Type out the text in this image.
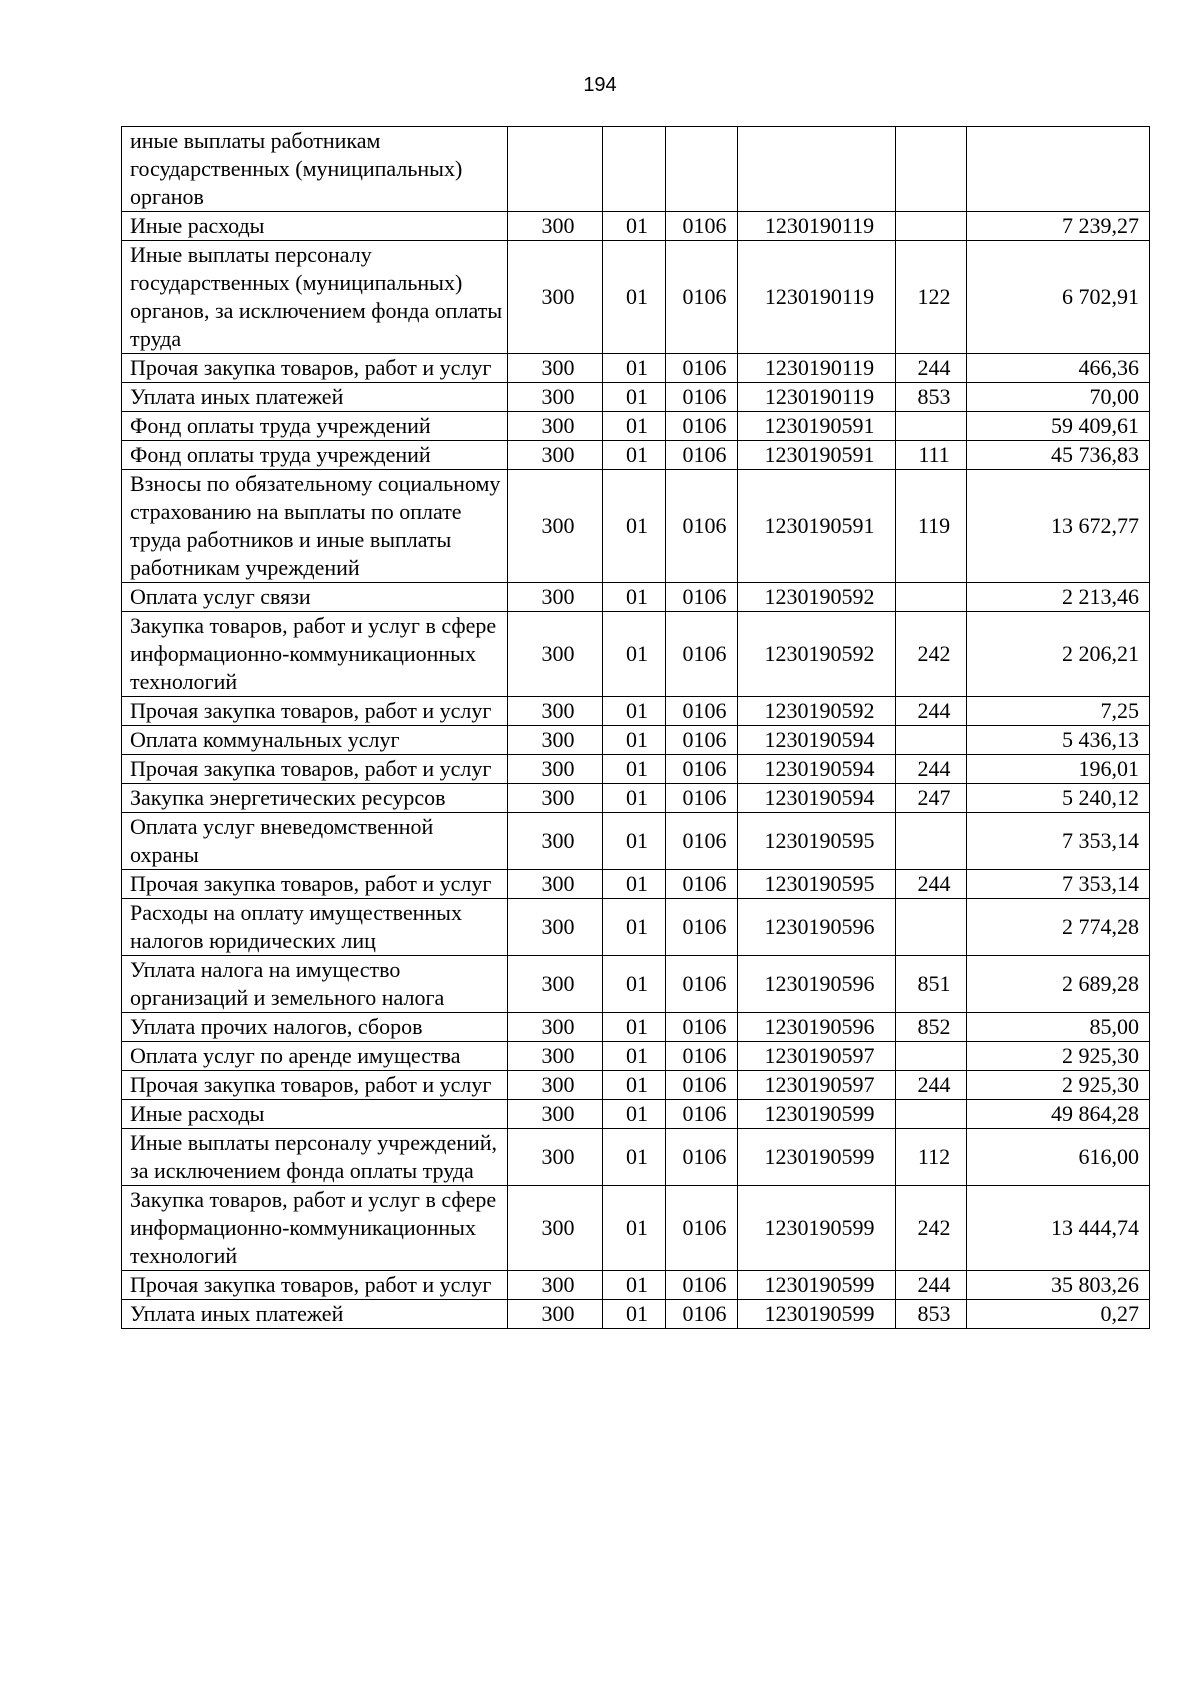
194
иные выплаты работникам государственных (муниципальных) органов						
Иные расходы	300	01	0106	1230190119		7 239,27
Иные выплаты персоналу государственных (муниципальных) органов, за исключением фонда оплаты труда	300	01	0106	1230190119	122	6 702,91
Прочая закупка товаров, работ и услуг	300	01	0106	1230190119	244	466,36
Уплата иных платежей	300	01	0106	1230190119	853	70,00
Фонд оплаты труда учреждений	300	01	0106	1230190591		59 409,61
Фонд оплаты труда учреждений	300	01	0106	1230190591	111	45 736,83
Взносы по обязательному социальному страхованию на выплаты по оплате труда работников и иные выплаты работникам учреждений	300	01	0106	1230190591	119	13 672,77
Оплата услуг связи	300	01	0106	1230190592		2 213,46
Закупка товаров, работ и услуг в сфере информационно-коммуникационных технологий	300	01	0106	1230190592	242	2 206,21
Прочая закупка товаров, работ и услуг	300	01	0106	1230190592	244	7,25
Оплата коммунальных услуг	300	01	0106	1230190594		5 436,13
Прочая закупка товаров, работ и услуг	300	01	0106	1230190594	244	196,01
Закупка энергетических ресурсов	300	01	0106	1230190594	247	5 240,12
Оплата услуг вневедомственной охраны	300	01	0106	1230190595		7 353,14
Прочая закупка товаров, работ и услуг	300	01	0106	1230190595	244	7 353,14
Расходы на оплату имущественных налогов юридических лиц	300	01	0106	1230190596		2 774,28
Уплата налога на имущество организаций и земельного налога	300	01	0106	1230190596	851	2 689,28
Уплата прочих налогов, сборов	300	01	0106	1230190596	852	85,00
Оплата услуг по аренде имущества	300	01	0106	1230190597		2 925,30
Прочая закупка товаров, работ и услуг	300	01	0106	1230190597	244	2 925,30
Иные расходы	300	01	0106	1230190599		49 864,28
Иные выплаты персоналу учреждений, за исключением фонда оплаты труда	300	01	0106	1230190599	112	616,00
Закупка товаров, работ и услуг в сфере информационно-коммуникационных технологий	300	01	0106	1230190599	242	13 444,74
Прочая закупка товаров, работ и услуг	300	01	0106	1230190599	244	35 803,26
Уплата иных платежей	300	01	0106	1230190599	853	0,27
